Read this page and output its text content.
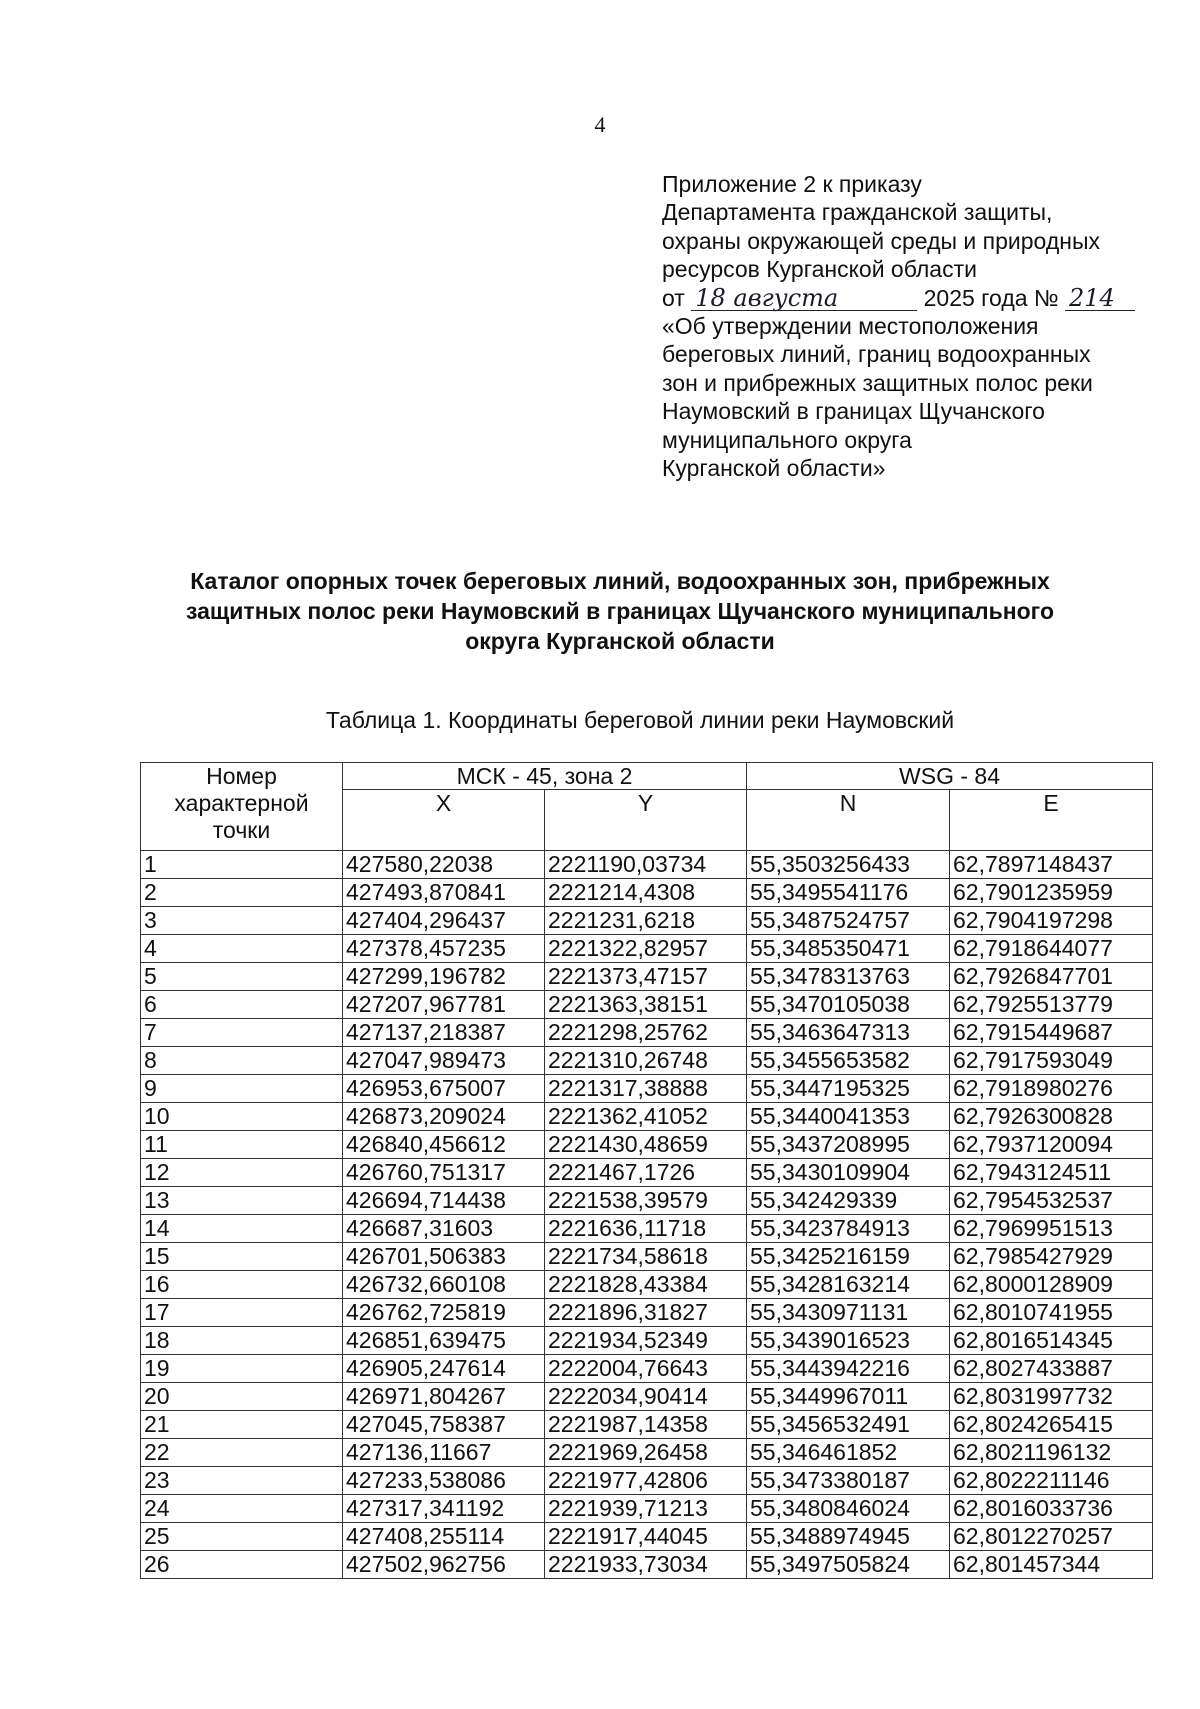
4
Приложение 2 к приказу
Департамента гражданской защиты,
охраны окружающей среды и природных
ресурсов Курганской области
от 18 августа	2025 года № 214
«Об утверждении местоположения
береговых линий, границ водоохранных
зон и прибрежных защитных полос реки
Наумовский в границах Щучанского
муниципального округа
Курганской области»
Каталог опорных точек береговых линий, водоохранных зон, прибрежных
защитных полос реки Наумовский в границах Щучанского муниципального
округа Курганской области
Таблица 1. Координаты береговой линии реки Наумовский
Номер характерной точки	МСК - 45, зона 2		WSG - 84	
	X	Y	N	E
1	427580,22038	2221190,03734	55,3503256433	62,7897148437
2	427493,870841	2221214,4308	55,3495541176	62,7901235959
3	427404,296437	2221231,6218	55,3487524757	62,7904197298
4	427378,457235	2221322,82957	55,3485350471	62,7918644077
5	427299,196782	2221373,47157	55,3478313763	62,7926847701
6	427207,967781	2221363,38151	55,3470105038	62,7925513779
7	427137,218387	2221298,25762	55,3463647313	62,7915449687
8	427047,989473	2221310,26748	55,3455653582	62,7917593049
9	426953,675007	2221317,38888	55,3447195325	62,7918980276
10	426873,209024	2221362,41052	55,3440041353	62,7926300828
11	426840,456612	2221430,48659	55,3437208995	62,7937120094
12	426760,751317	2221467,1726	55,3430109904	62,7943124511
13	426694,714438	2221538,39579	55,342429339	62,7954532537
14	426687,31603	2221636,11718	55,3423784913	62,7969951513
15	426701,506383	2221734,58618	55,3425216159	62,7985427929
16	426732,660108	2221828,43384	55,3428163214	62,8000128909
17	426762,725819	2221896,31827	55,3430971131	62,8010741955
18	426851,639475	2221934,52349	55,3439016523	62,8016514345
19	426905,247614	2222004,76643	55,3443942216	62,8027433887
20	426971,804267	2222034,90414	55,3449967011	62,8031997732
21	427045,758387	2221987,14358	55,3456532491	62,8024265415
22	427136,11667	2221969,26458	55,346461852	62,8021196132
23	427233,538086	2221977,42806	55,3473380187	62,8022211146
24	427317,341192	2221939,71213	55,3480846024	62,8016033736
25	427408,255114	2221917,44045	55,3488974945	62,8012270257
26	427502,962756	2221933,73034	55,3497505824	62,801457344
